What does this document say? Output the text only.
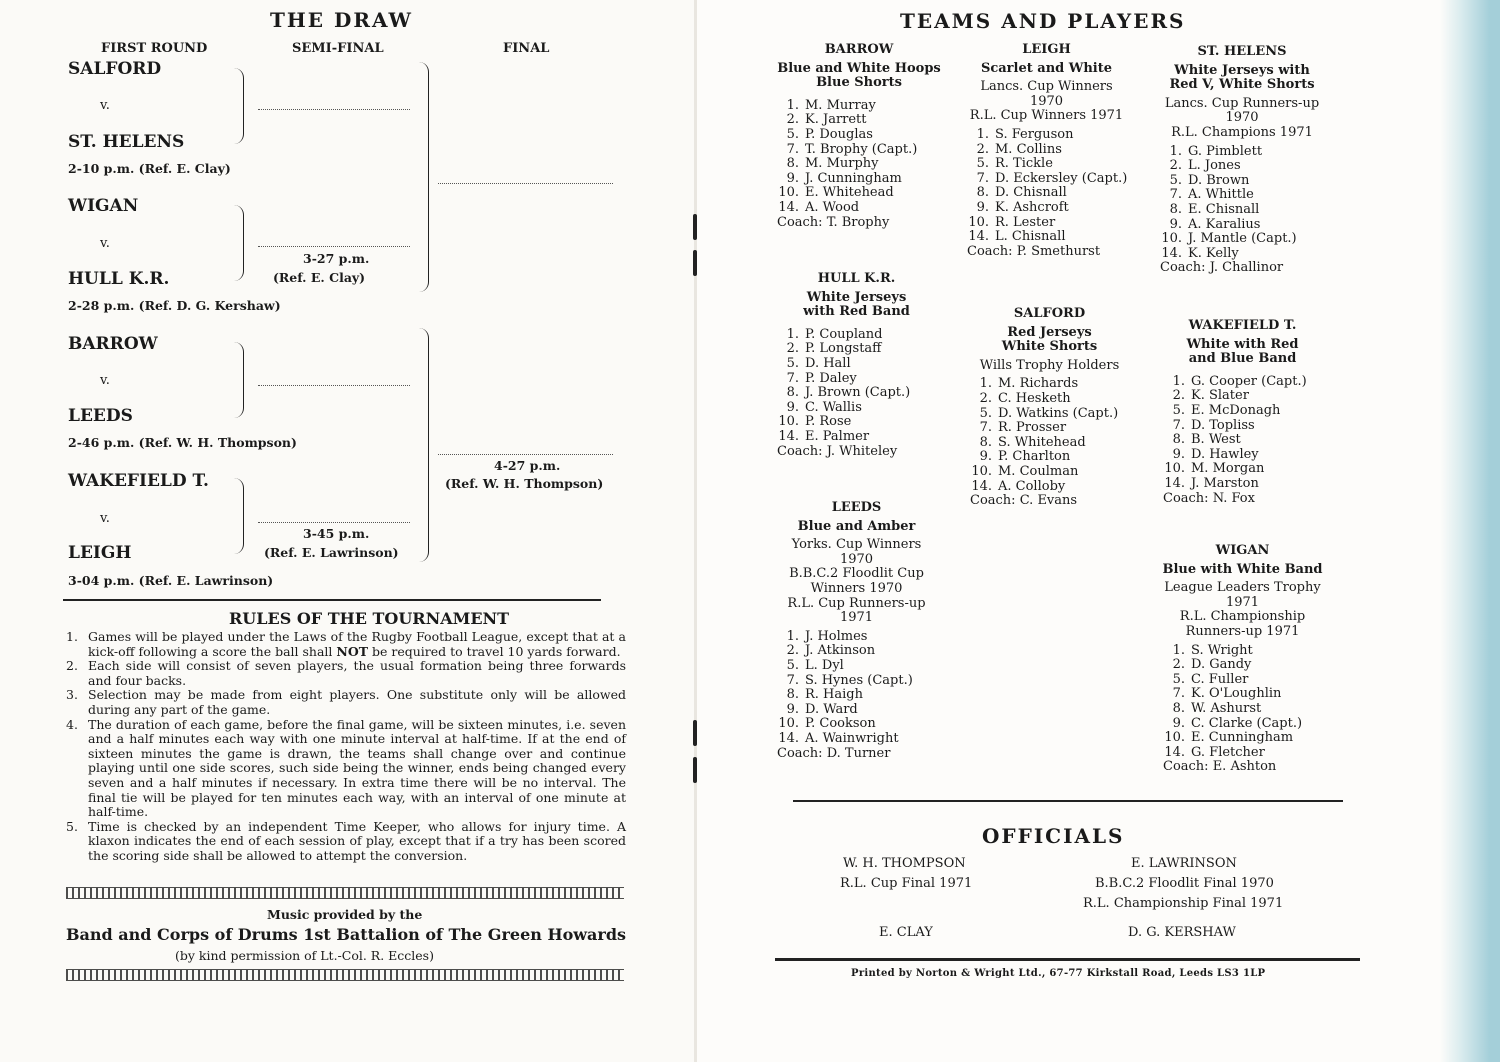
THE DRAW
FIRST ROUND	SEMI-FINAL	FINAL
SALFORD
v.
ST. HELENS
2-10 p.m. (Ref. E. Clay)
WIGAN
v.
HULL K.R.
2-28 p.m. (Ref. D. G. Kershaw)
3-27 p.m.
(Ref. E. Clay)
BARROW
v.
LEEDS
2-46 p.m. (Ref. W. H. Thompson)
WAKEFIELD T.
v.
LEIGH
3-04 p.m. (Ref. E. Lawrinson)
3-45 p.m.
(Ref. E. Lawrinson)
4-27 p.m.
(Ref. W. H. Thompson)
RULES OF THE TOURNAMENT
1. Games will be played under the Laws of the Rugby Football League, except that at a kick-off following a score the ball shall NOT be required to travel 10 yards forward.
2. Each side will consist of seven players, the usual formation being three forwards and four backs.
3. Selection may be made from eight players. One substitute only will be allowed during any part of the game.
4. The duration of each game, before the final game, will be sixteen minutes, i.e. seven and a half minutes each way with one minute interval at half-time. If at the end of sixteen minutes the game is drawn, the teams shall change over and continue playing until one side scores, such side being the winner, ends being changed every seven and a half minutes if necessary. In extra time there will be no interval. The final tie will be played for ten minutes each way, with an interval of one minute at half-time.
5. Time is checked by an independent Time Keeper, who allows for injury time. A klaxon indicates the end of each session of play, except that if a try has been scored the scoring side shall be allowed to attempt the conversion.
Music provided by the
Band and Corps of Drums 1st Battalion of The Green Howards
(by kind permission of Lt.-Col. R. Eccles)
TEAMS AND PLAYERS
BARROW
Blue and White Hoops
Blue Shorts
1. M. Murray
2. K. Jarrett
5. P. Douglas
7. T. Brophy (Capt.)
8. M. Murphy
9. J. Cunningham
10. E. Whitehead
14. A. Wood
Coach: T. Brophy
LEIGH
Scarlet and White
Lancs. Cup Winners
1970
R.L. Cup Winners 1971
1. S. Ferguson
2. M. Collins
5. R. Tickle
7. D. Eckersley (Capt.)
8. D. Chisnall
9. K. Ashcroft
10. R. Lester
14. L. Chisnall
Coach: P. Smethurst
ST. HELENS
White Jerseys with
Red V, White Shorts
Lancs. Cup Runners-up
1970
R.L. Champions 1971
1. G. Pimblett
2. L. Jones
5. D. Brown
7. A. Whittle
8. E. Chisnall
9. A. Karalius
10. J. Mantle (Capt.)
14. K. Kelly
Coach: J. Challinor
HULL K.R.
White Jerseys
with Red Band
1. P. Coupland
2. P. Longstaff
5. D. Hall
7. P. Daley
8. J. Brown (Capt.)
9. C. Wallis
10. P. Rose
14. E. Palmer
Coach: J. Whiteley
SALFORD
Red Jerseys
White Shorts
Wills Trophy Holders
1. M. Richards
2. C. Hesketh
5. D. Watkins (Capt.)
7. R. Prosser
8. S. Whitehead
9. P. Charlton
10. M. Coulman
14. A. Colloby
Coach: C. Evans
WAKEFIELD T.
White with Red
and Blue Band
1. G. Cooper (Capt.)
2. K. Slater
5. E. McDonagh
7. D. Topliss
8. B. West
9. D. Hawley
10. M. Morgan
14. J. Marston
Coach: N. Fox
LEEDS
Blue and Amber
Yorks. Cup Winners
1970
B.B.C.2 Floodlit Cup
Winners 1970
R.L. Cup Runners-up
1971
1. J. Holmes
2. J. Atkinson
5. L. Dyl
7. S. Hynes (Capt.)
8. R. Haigh
9. D. Ward
10. P. Cookson
14. A. Wainwright
Coach: D. Turner
WIGAN
Blue with White Band
League Leaders Trophy
1971
R.L. Championship
Runners-up 1971
1. S. Wright
2. D. Gandy
5. C. Fuller
7. K. O'Loughlin
8. W. Ashurst
9. C. Clarke (Capt.)
10. E. Cunningham
14. G. Fletcher
Coach: E. Ashton
OFFICIALS
W. H. THOMPSON
R.L. Cup Final 1971
E. LAWRINSON
B.B.C.2 Floodlit Final 1970
R.L. Championship Final 1971
E. CLAY	D. G. KERSHAW
Printed by Norton & Wright Ltd., 67-77 Kirkstall Road, Leeds LS3 1LP
